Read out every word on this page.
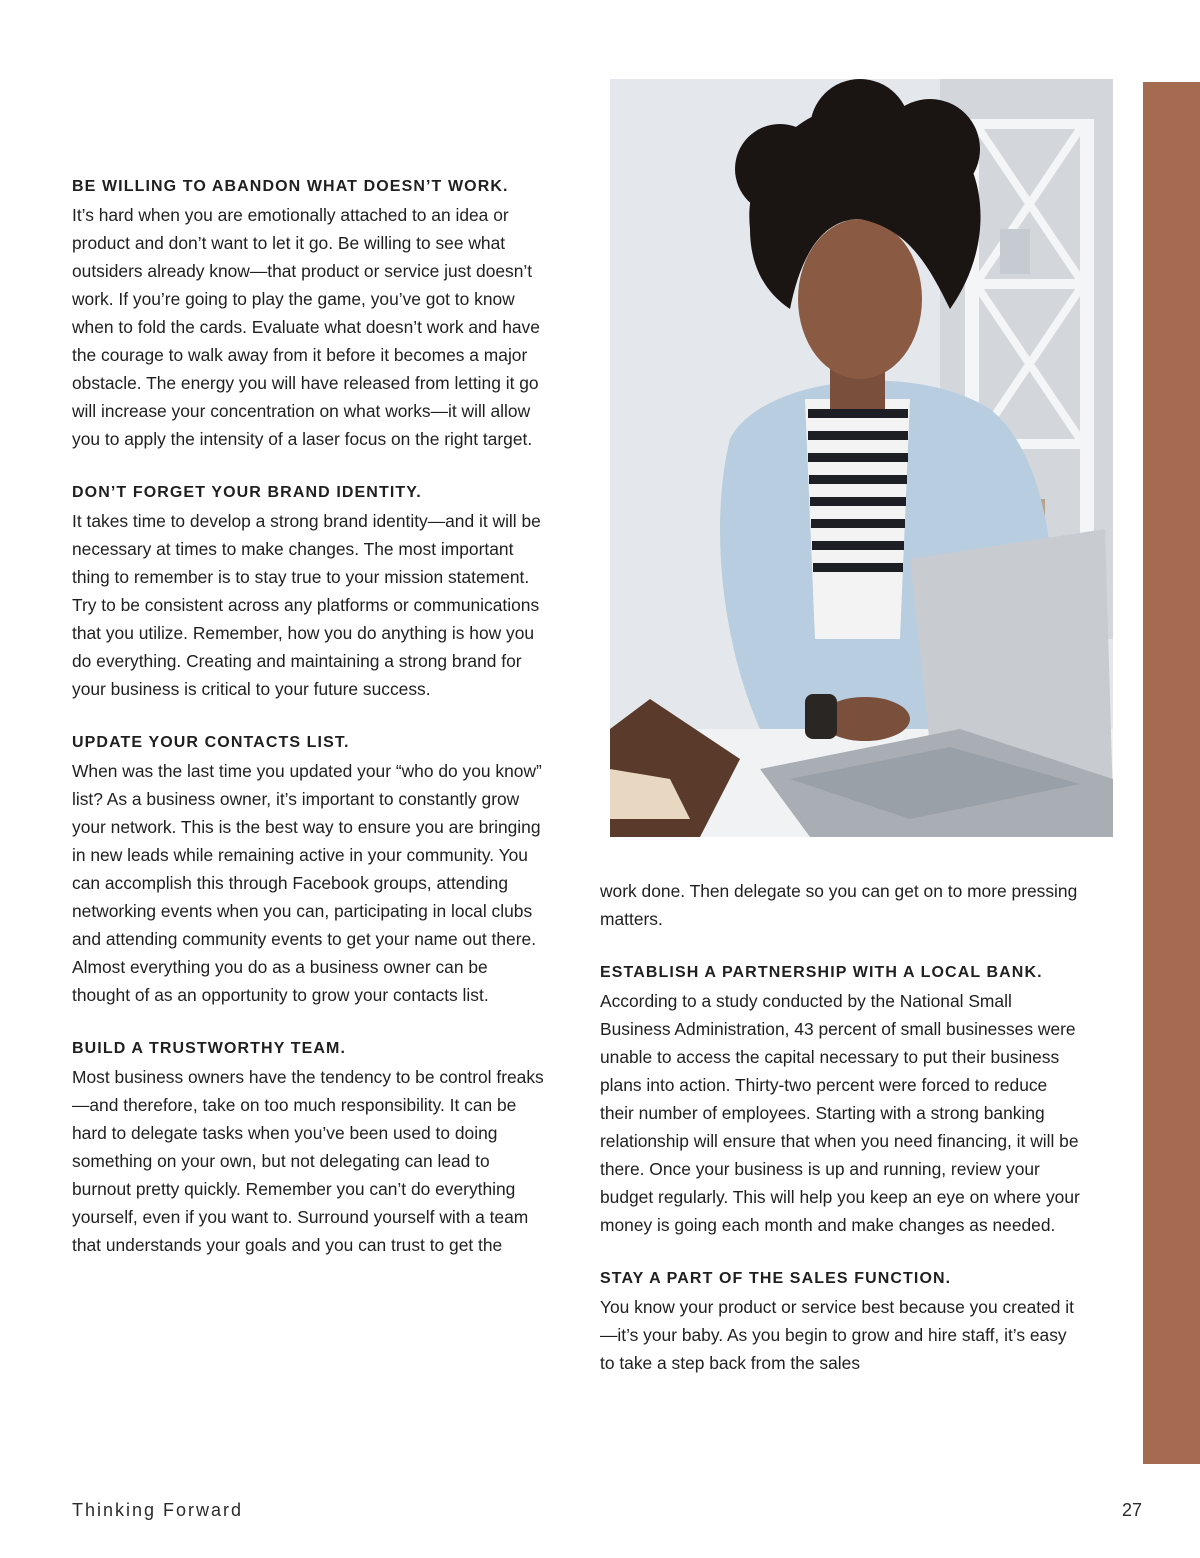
BE WILLING TO ABANDON WHAT DOESN’T WORK.

It’s hard when you are emotionally attached to an idea or product and don’t want to let it go. Be willing to see what outsiders already know—that product or service just doesn’t work. If you’re going to play the game, you’ve got to know when to fold the cards. Evaluate what doesn’t work and have the courage to walk away from it before it becomes a major obstacle. The energy you will have released from letting it go will increase your concentration on what works—it will allow you to apply the intensity of a laser focus on the right target.

DON’T FORGET YOUR BRAND IDENTITY.

It takes time to develop a strong brand identity—and it will be necessary at times to make changes. The most important thing to remember is to stay true to your mission statement. Try to be consistent across any platforms or communications that you utilize. Remember, how you do anything is how you do everything. Creating and maintaining a strong brand for your business is critical to your future success.

UPDATE YOUR CONTACTS LIST.

When was the last time you updated your “who do you know” list? As a business owner, it’s important to constantly grow your network. This is the best way to ensure you are bringing in new leads while remaining active in your community. You can accomplish this through Facebook groups, attending networking events when you can, participating in local clubs and attending community events to get your name out there. Almost everything you do as a business owner can be thought of as an opportunity to grow your contacts list.

BUILD A TRUSTWORTHY TEAM.

Most business owners have the tendency to be control freaks—and therefore, take on too much responsibility. It can be hard to delegate tasks when you’ve been used to doing something on your own, but not delegating can lead to burnout pretty quickly. Remember you can’t do everything yourself, even if you want to. Surround yourself with a team that understands your goals and you can trust to get the

work done. Then delegate so you can get on to more pressing matters.

ESTABLISH A PARTNERSHIP WITH A LOCAL BANK.

According to a study conducted by the National Small Business Administration, 43 percent of small businesses were unable to access the capital necessary to put their business plans into action. Thirty-two percent were forced to reduce their number of employees. Starting with a strong banking relationship will ensure that when you need financing, it will be there. Once your business is up and running, review your budget regularly. This will help you keep an eye on where your money is going each month and make changes as needed.

STAY A PART OF THE SALES FUNCTION.

You know your product or service best because you created it—it’s your baby. As you begin to grow and hire staff, it’s easy to take a step back from the sales

Thinking Forward	27
